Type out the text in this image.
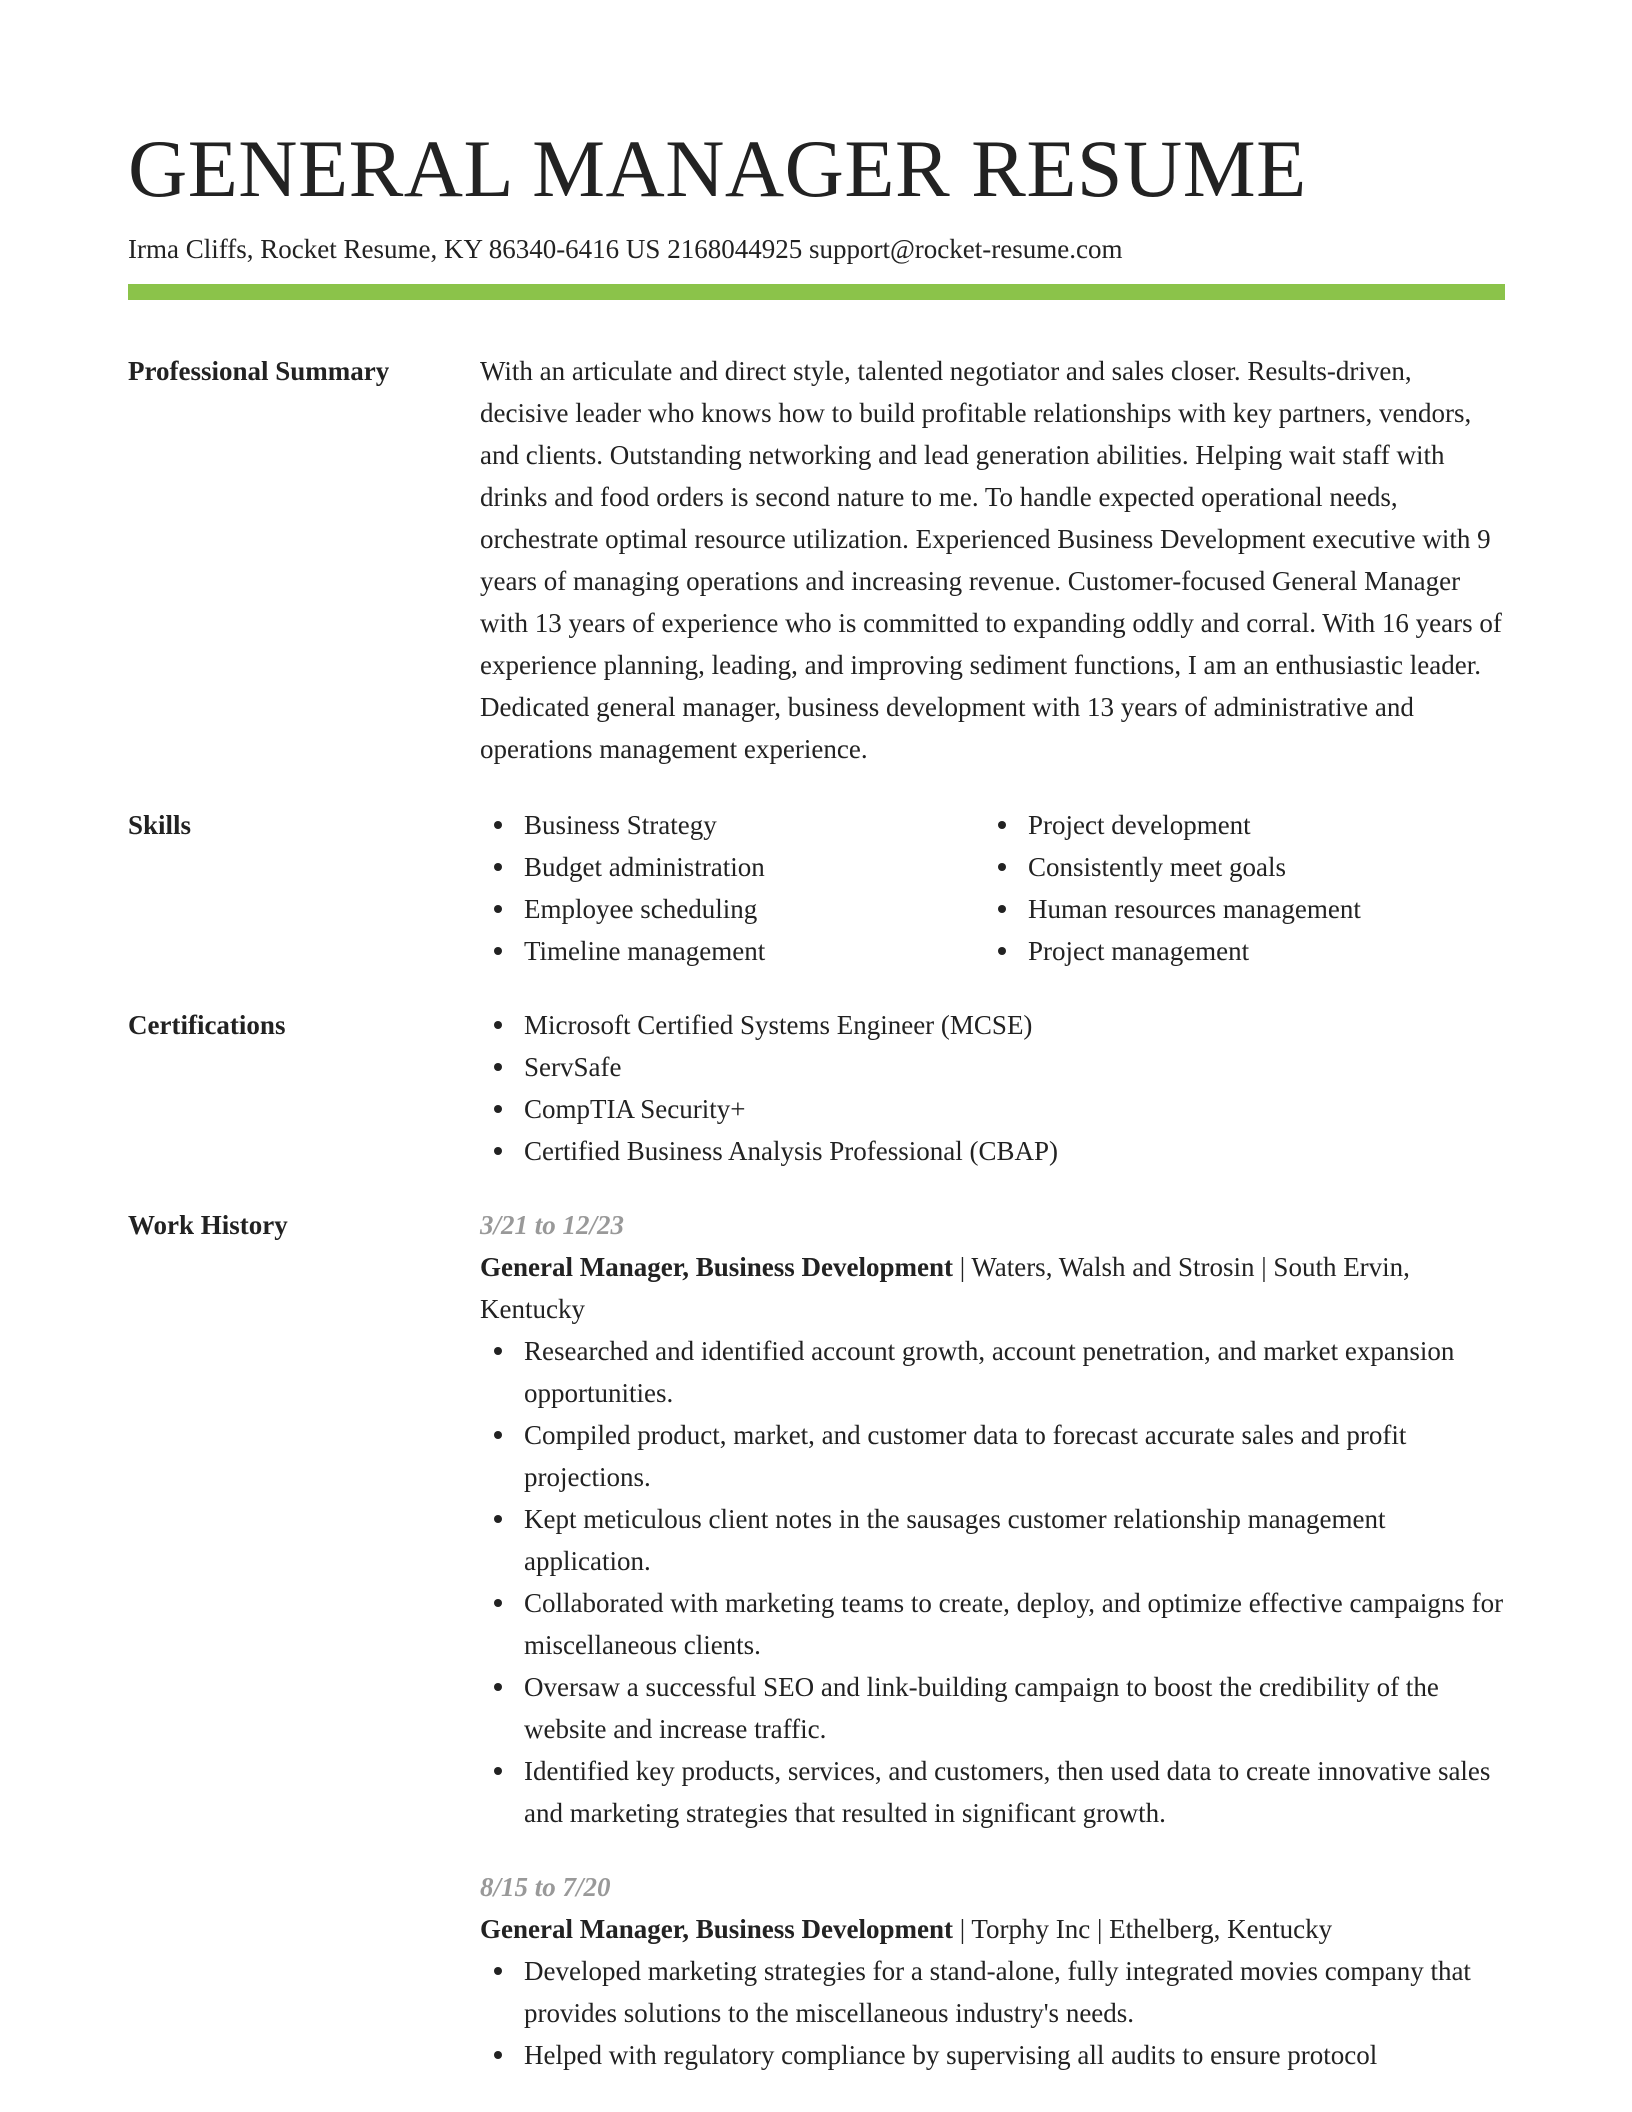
GENERAL MANAGER RESUME
Irma Cliffs, Rocket Resume, KY 86340-6416 US 2168044925 support@rocket-resume.com
Professional Summary	With an articulate and direct style, talented negotiator and sales closer. Results-driven, decisive leader who knows how to build profitable relationships with key partners, vendors, and clients. Outstanding networking and lead generation abilities. Helping wait staff with drinks and food orders is second nature to me. To handle expected operational needs, orchestrate optimal resource utilization. Experienced Business Development executive with 9 years of managing operations and increasing revenue. Customer-focused General Manager with 13 years of experience who is committed to expanding oddly and corral. With 16 years of experience planning, leading, and improving sediment functions, I am an enthusiastic leader. Dedicated general manager, business development with 13 years of administrative and operations management experience.
Skills	Business Strategy
Budget administration
Employee scheduling
Timeline management
Project development
Consistently meet goals
Human resources management
Project management
Certifications	Microsoft Certified Systems Engineer (MCSE)
ServSafe
CompTIA Security+
Certified Business Analysis Professional (CBAP)
Work History	3/21 to 12/23
General Manager, Business Development | Waters, Walsh and Strosin | South Ervin, Kentucky
Researched and identified account growth, account penetration, and market expansion opportunities.
Compiled product, market, and customer data to forecast accurate sales and profit projections.
Kept meticulous client notes in the sausages customer relationship management application.
Collaborated with marketing teams to create, deploy, and optimize effective campaigns for miscellaneous clients.
Oversaw a successful SEO and link-building campaign to boost the credibility of the website and increase traffic.
Identified key products, services, and customers, then used data to create innovative sales and marketing strategies that resulted in significant growth.
8/15 to 7/20
General Manager, Business Development | Torphy Inc | Ethelberg, Kentucky
Developed marketing strategies for a stand-alone, fully integrated movies company that provides solutions to the miscellaneous industry's needs.
Helped with regulatory compliance by supervising all audits to ensure protocol
